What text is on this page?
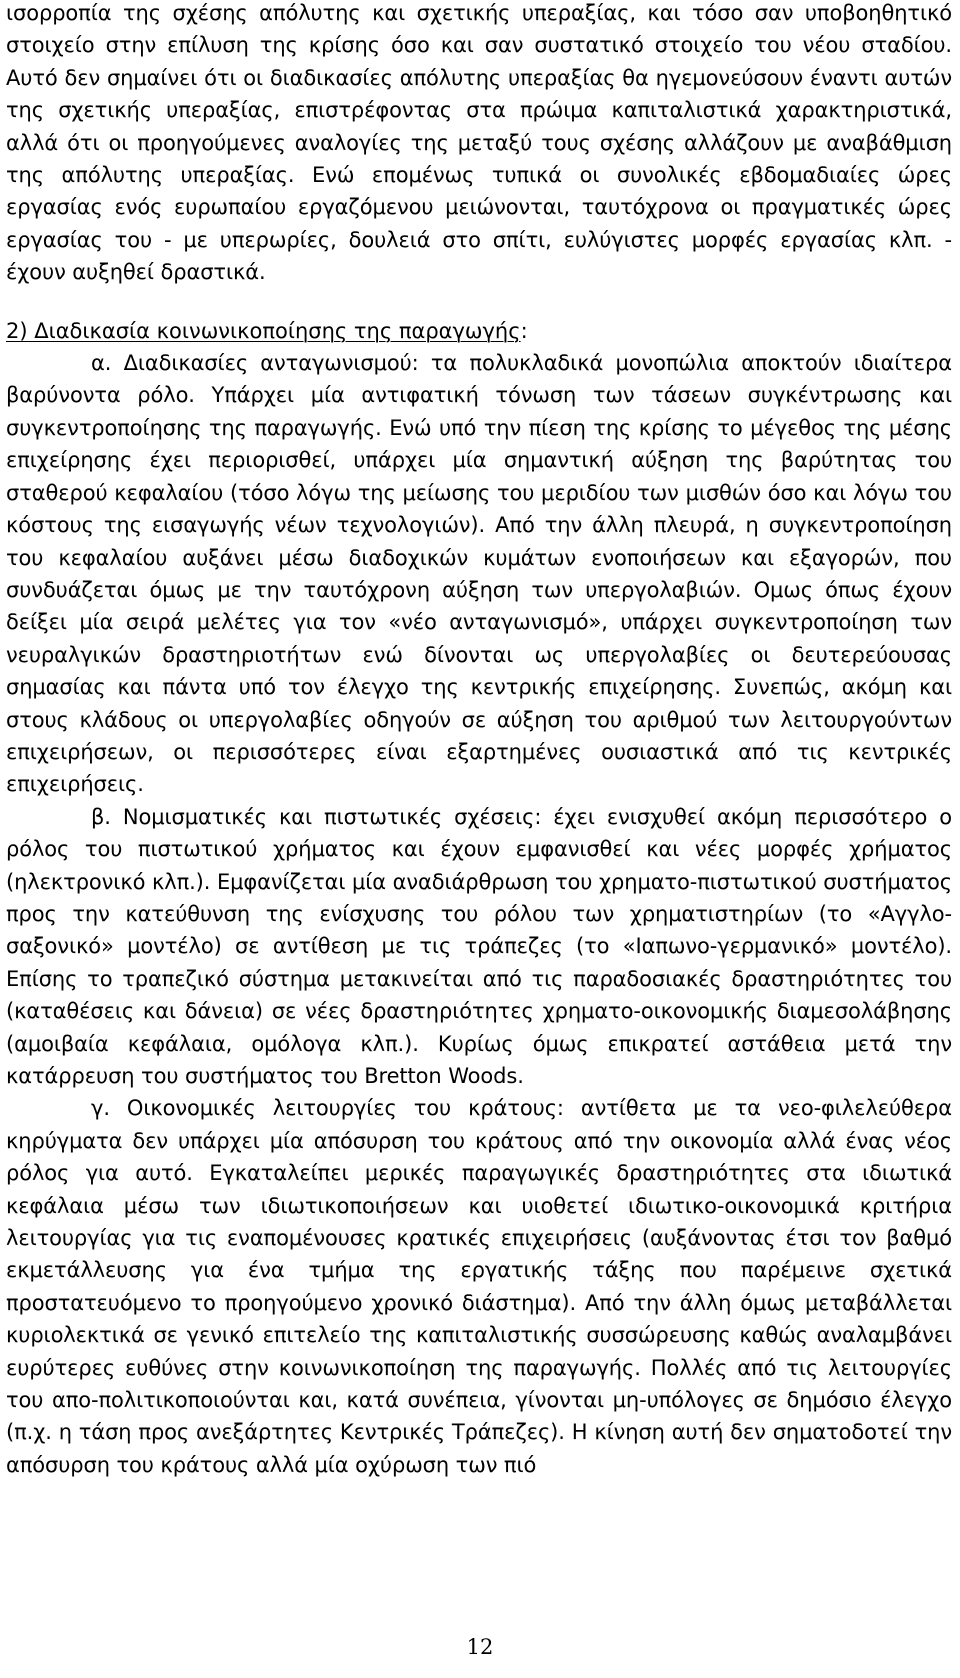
ισορροπία της σχέσης απόλυτης και σχετικής υπεραξίας, και τόσο σαν υποβοηθητικό στοιχείο στην επίλυση της κρίσης όσο και σαν συστατικό στοιχείο του νέου σταδίου. Αυτό δεν σημαίνει ότι οι διαδικασίες απόλυτης υπεραξίας θα ηγεμονεύσουν έναντι αυτών της σχετικής υπεραξίας, επιστρέφοντας στα πρώιμα καπιταλιστικά χαρακτηριστικά, αλλά ότι οι προηγούμενες αναλογίες της μεταξύ τους σχέσης αλλάζουν με αναβάθμιση της απόλυτης υπεραξίας. Ενώ επομένως τυπικά οι συνολικές εβδομαδιαίες ώρες εργασίας ενός ευρωπαίου εργαζόμενου μειώνονται, ταυτόχρονα οι πραγματικές ώρες εργασίας του - με υπερωρίες, δουλειά στο σπίτι, ευλύγιστες μορφές εργασίας κλπ. - έχουν αυξηθεί δραστικά.

2) Διαδικασία κοινωνικοποίησης της παραγωγής:

α. Διαδικασίες ανταγωνισμού: τα πολυκλαδικά μονοπώλια αποκτούν ιδιαίτερα βαρύνοντα ρόλο. Υπάρχει μία αντιφατική τόνωση των τάσεων συγκέντρωσης και συγκεντροποίησης της παραγωγής. Ενώ υπό την πίεση της κρίσης το μέγεθος της μέσης επιχείρησης έχει περιορισθεί, υπάρχει μία σημαντική αύξηση της βαρύτητας του σταθερού κεφαλαίου (τόσο λόγω της μείωσης του μεριδίου των μισθών όσο και λόγω του κόστους της εισαγωγής νέων τεχνολογιών). Από την άλλη πλευρά, η συγκεντροποίηση του κεφαλαίου αυξάνει μέσω διαδοχικών κυμάτων ενοποιήσεων και εξαγορών, που συνδυάζεται όμως με την ταυτόχρονη αύξηση των υπεργολαβιών. Ομως όπως έχουν δείξει μία σειρά μελέτες για τον «νέο ανταγωνισμό», υπάρχει συγκεντροποίηση των νευραλγικών δραστηριοτήτων ενώ δίνονται ως υπεργολαβίες οι δευτερεύουσας σημασίας και πάντα υπό τον έλεγχο της κεντρικής επιχείρησης. Συνεπώς, ακόμη και στους κλάδους οι υπεργολαβίες οδηγούν σε αύξηση του αριθμού των λειτουργούντων επιχειρήσεων, οι περισσότερες είναι εξαρτημένες ουσιαστικά από τις κεντρικές επιχειρήσεις.

β. Νομισματικές και πιστωτικές σχέσεις: έχει ενισχυθεί ακόμη περισσότερο ο ρόλος του πιστωτικού χρήματος και έχουν εμφανισθεί και νέες μορφές χρήματος (ηλεκτρονικό κλπ.). Εμφανίζεται μία αναδιάρθρωση του χρηματο-πιστωτικού συστήματος προς την κατεύθυνση της ενίσχυσης του ρόλου των χρηματιστηρίων (το «Αγγλο-σαξονικό» μοντέλο) σε αντίθεση με τις τράπεζες (το «Ιαπωνο-γερμανικό» μοντέλο). Επίσης το τραπεζικό σύστημα μετακινείται από τις παραδοσιακές δραστηριότητες του (καταθέσεις και δάνεια) σε νέες δραστηριότητες χρηματο-οικονομικής διαμεσολάβησης (αμοιβαία κεφάλαια, ομόλογα κλπ.). Κυρίως όμως επικρατεί αστάθεια μετά την κατάρρευση του συστήματος του Bretton Woods.

γ. Οικονομικές λειτουργίες του κράτους: αντίθετα με τα νεο-φιλελεύθερα κηρύγματα δεν υπάρχει μία απόσυρση του κράτους από την οικονομία αλλά ένας νέος ρόλος για αυτό. Εγκαταλείπει μερικές παραγωγικές δραστηριότητες στα ιδιωτικά κεφάλαια μέσω των ιδιωτικοποιήσεων και υιοθετεί ιδιωτικο-οικονομικά κριτήρια λειτουργίας για τις εναπομένουσες κρατικές επιχειρήσεις (αυξάνοντας έτσι τον βαθμό εκμετάλλευσης για ένα τμήμα της εργατικής τάξης που παρέμεινε σχετικά προστατευόμενο το προηγούμενο χρονικό διάστημα). Από την άλλη όμως μεταβάλλεται κυριολεκτικά σε γενικό επιτελείο της καπιταλιστικής συσσώρευσης καθώς αναλαμβάνει ευρύτερες ευθύνες στην κοινωνικοποίηση της παραγωγής. Πολλές από τις λειτουργίες του απο-πολιτικοποιούνται και, κατά συνέπεια, γίνονται μη-υπόλογες σε δημόσιο έλεγχο (π.χ. η τάση προς ανεξάρτητες Κεντρικές Τράπεζες). Η κίνηση αυτή δεν σηματοδοτεί την απόσυρση του κράτους αλλά μία οχύρωση των πιό

12
